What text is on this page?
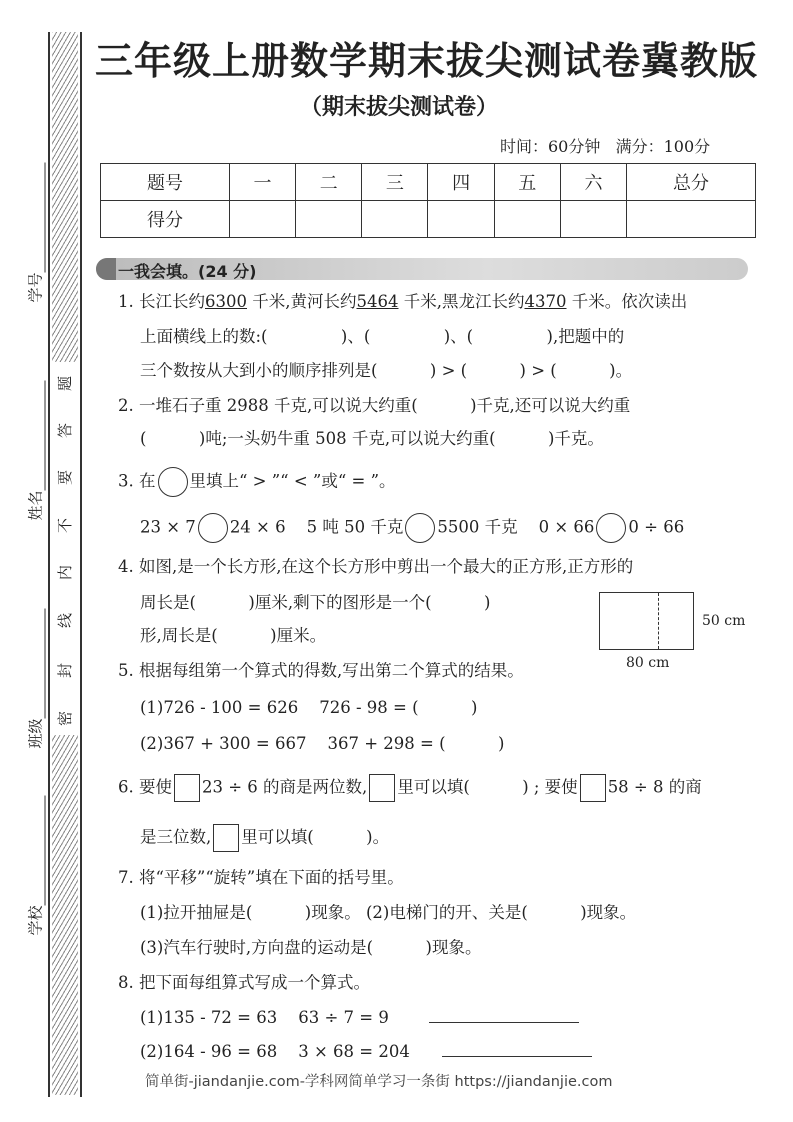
学号
姓名
班级
学校
题
答
要
不
内
线
封
密
三年级上册数学期末拔尖测试卷冀教版
（期末拔尖测试卷）
时间：60分钟   满分：100分
题号	一	二	三	四	五	六	总分
得分							
一我会填。(24 分)
1. 长江长约6300 千米,黄河长约5464 千米,黑龙江长约4370 千米。依次读出
上面横线上的数:(              )、(              )、(              ),把题中的
三个数按从大到小的顺序排列是(          ) > (          ) > (          )。
2. 一堆石子重 2988 千克,可以说大约重(          )千克,还可以说大约重
(          )吨;一头奶牛重 508 千克,可以说大约重(          )千克。
3. 在 里填上“ > ”“ < ”或“ = ”。
23 × 7 24 × 6 5 吨 50 千克 5500 千克 0 × 66 0 ÷ 66
4. 如图,是一个长方形,在这个长方形中剪出一个最大的正方形,正方形的
周长是(          )厘米,剩下的图形是一个(          )
形,周长是(          )厘米。
50 cm
80 cm
5. 根据每组第一个算式的得数,写出第二个算式的结果。
(1)726 - 100 = 626    726 - 98 = (          )
(2)367 + 300 = 667    367 + 298 = (          )
6. 要使 23 ÷ 6 的商是两位数, 里可以填(          ) ; 要使 58 ÷ 8 的商
是三位数, 里可以填(          )。
7. 将“平移”“旋转”填在下面的括号里。
(1)拉开抽屉是(          )现象。 (2)电梯门的开、关是(          )现象。
(3)汽车行驶时,方向盘的运动是(          )现象。
8. 把下面每组算式写成一个算式。
(1)135 - 72 = 63    63 ÷ 7 = 9
(2)164 - 96 = 68    3 × 68 = 204
简单街-jiandanjie.com-学科网简单学习一条街 https://jiandanjie.com
